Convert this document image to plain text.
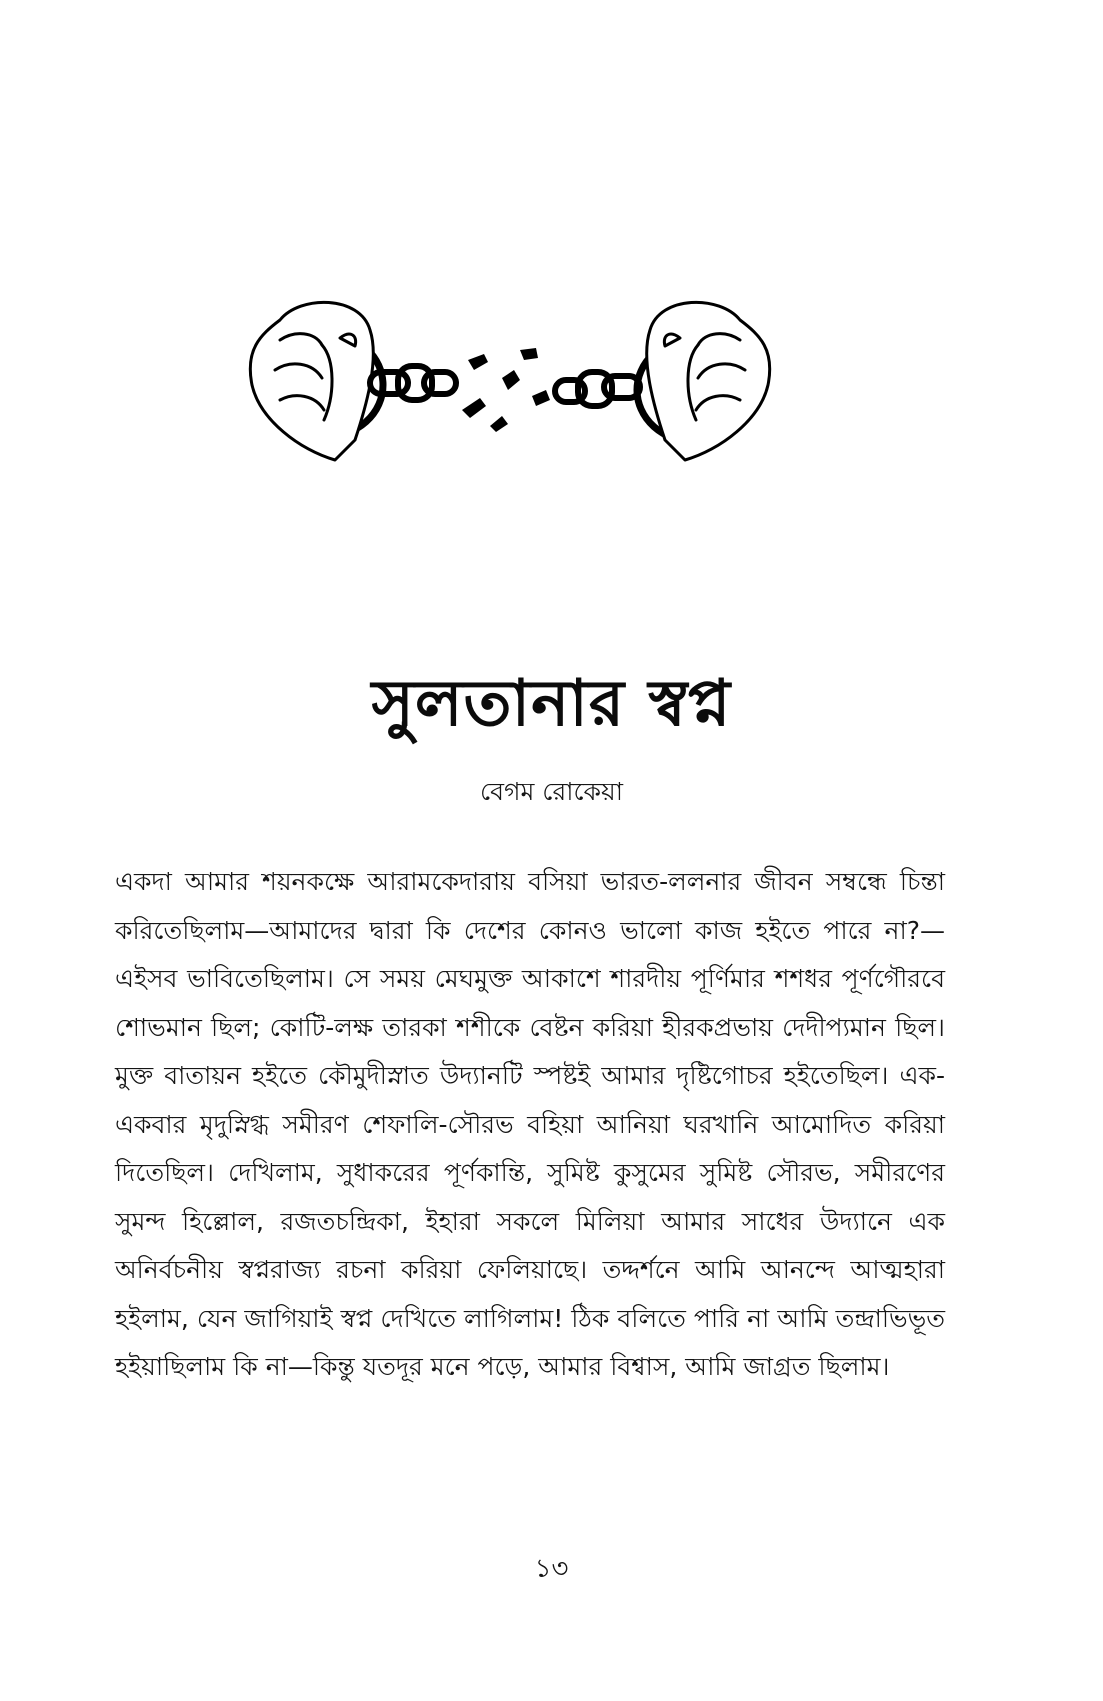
সুলতানার স্বপ্ন
বেগম রোকেয়া
একদা আমার শয়নকক্ষে আরামকেদারায় বসিয়া ভারত-ললনার জীবন সম্বন্ধে চিন্তা করিতেছিলাম—আমাদের দ্বারা কি দেশের কোনও ভালো কাজ হইতে পারে না?—এইসব ভাবিতেছিলাম। সে সময় মেঘমুক্ত আকাশে শারদীয় পূর্ণিমার শশধর পূর্ণগৌরবে শোভমান ছিল; কোটি-লক্ষ তারকা শশীকে বেষ্টন করিয়া হীরকপ্রভায় দেদীপ্যমান ছিল। মুক্ত বাতায়ন হইতে কৌমুদীস্নাত উদ্যানটি স্পষ্টই আমার দৃষ্টিগোচর হইতেছিল। এক-একবার মৃদুস্নিগ্ধ সমীরণ শেফালি-সৌরভ বহিয়া আনিয়া ঘরখানি আমোদিত করিয়া দিতেছিল। দেখিলাম, সুধাকরের পূর্ণকান্তি, সুমিষ্ট কুসুমের সুমিষ্ট সৌরভ, সমীরণের সুমন্দ হিল্লোল, রজতচন্দ্রিকা, ইহারা সকলে মিলিয়া আমার সাধের উদ্যানে এক অনির্বচনীয় স্বপ্নরাজ্য রচনা করিয়া ফেলিয়াছে। তদ্দর্শনে আমি আনন্দে আত্মহারা হইলাম, যেন জাগিয়াই স্বপ্ন দেখিতে লাগিলাম! ঠিক বলিতে পারি না আমি তন্দ্রাভিভূত হইয়াছিলাম কি না—কিন্তু যতদূর মনে পড়ে, আমার বিশ্বাস, আমি জাগ্রত ছিলাম।
১৩
